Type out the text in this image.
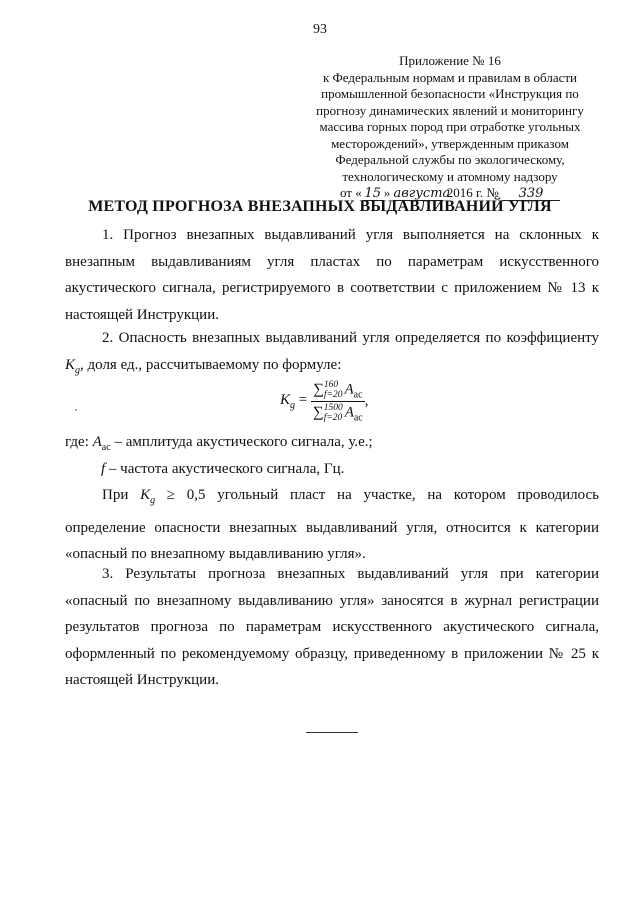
93
Приложение № 16
к Федеральным нормам и правилам в области
промышленной безопасности «Инструкция по
прогнозу динамических явлений и мониторингу
массива горных пород при отработке угольных
месторождений», утвержденным приказом
Федеральной службы по экологическому,
технологическому и атомному надзору
от « 15 » августа 2016 г. № 339
МЕТОД ПРОГНОЗА ВНЕЗАПНЫХ ВЫДАВЛИВАНИЙ УГЛЯ
1. Прогноз внезапных выдавливаний угля выполняется на склонных к внезапным выдавливаниям угля пластах по параметрам искусственного акустического сигнала, регистрируемого в соответствии с приложением № 13 к настоящей Инструкции.
2. Опасность внезапных выдавливаний угля определяется по коэффициенту $K_g$, доля ед., рассчитываемому по формуле:
$K_g$ =	∑ 160
f=20 $A_{ac}$
∑ 1500
f=20 $A_{ac}$	,
где: $A_{ac}$ – амплитуда акустического сигнала, у.е.;
f – частота акустического сигнала, Гц.
При $K_g \ge 0,5$ угольный пласт на участке, на котором проводилось определение опасности внезапных выдавливаний угля, относится к категории «опасный по внезапному выдавливанию угля».
3. Результаты прогноза внезапных выдавливаний угля при категории «опасный по внезапному выдавливанию угля» заносятся в журнал регистрации результатов прогноза по параметрам искусственного акустического сигнала, оформленный по рекомендуемому образцу, приведенному в приложении № 25 к настоящей Инструкции.
